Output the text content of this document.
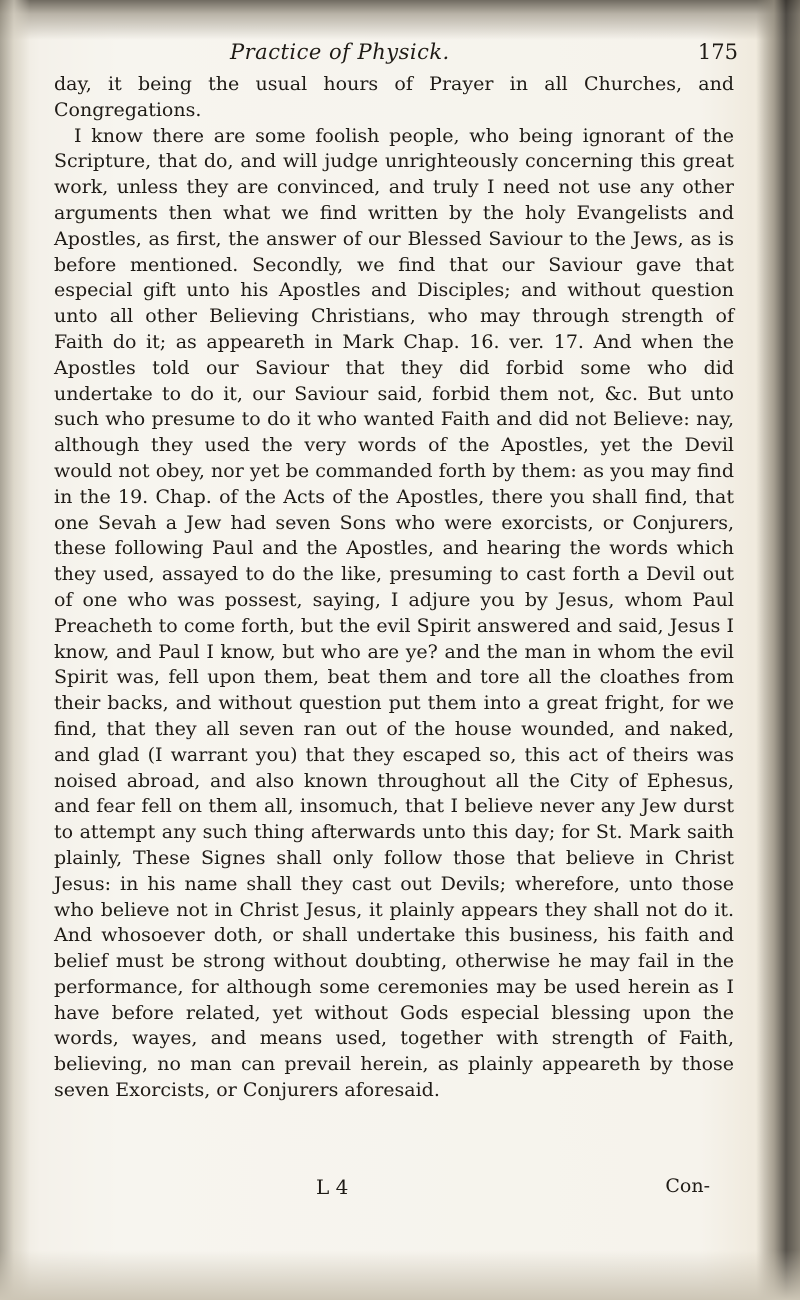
Practice of Physick.	175

day, it being the usual hours of Prayer in all Churches, and Congregations.

I know there are some foolish people, who being ignorant of the Scripture, that do, and will judge unrighteously concerning this great work, unless they are convinced, and truly I need not use any other arguments then what we find written by the holy Evangelists and Apostles, as first, the answer of our Blessed Saviour to the Jews, as is before mentioned. Secondly, we find that our Saviour gave that especial gift unto his Apostles and Disciples; and without question unto all other Believing Christians, who may through strength of Faith do it; as appeareth in Mark Chap. 16. ver. 17. And when the Apostles told our Saviour that they did forbid some who did undertake to do it, our Saviour said, forbid them not, &c. But unto such who presume to do it who wanted Faith and did not Believe: nay, although they used the very words of the Apostles, yet the Devil would not obey, nor yet be commanded forth by them: as you may find in the 19. Chap. of the Acts of the Apostles, there you shall find, that one Sevah a Jew had seven Sons who were exorcists, or Conjurers, these following Paul and the Apostles, and hearing the words which they used, assayed to do the like, presuming to cast forth a Devil out of one who was possest, saying, I adjure you by Jesus, whom Paul Preacheth to come forth, but the evil Spirit answered and said, Jesus I know, and Paul I know, but who are ye? and the man in whom the evil Spirit was, fell upon them, beat them and tore all the cloathes from their backs, and without question put them into a great fright, for we find, that they all seven ran out of the house wounded, and naked, and glad (I warrant you) that they escaped so, this act of theirs was noised abroad, and also known throughout all the City of Ephesus, and fear fell on them all, insomuch, that I believe never any Jew durst to attempt any such thing afterwards unto this day; for St. Mark saith plainly, These Signes shall only follow those that believe in Christ Jesus: in his name shall they cast out Devils; wherefore, unto those who believe not in Christ Jesus, it plainly appears they shall not do it. And whosoever doth, or shall undertake this business, his faith and belief must be strong without doubting, otherwise he may fail in the performance, for although some ceremonies may be used herein as I have before related, yet without Gods especial blessing upon the words, wayes, and means used, together with strength of Faith, believing, no man can prevail herein, as plainly appeareth by those seven Exorcists, or Conjurers aforesaid.

L 4	Con-
